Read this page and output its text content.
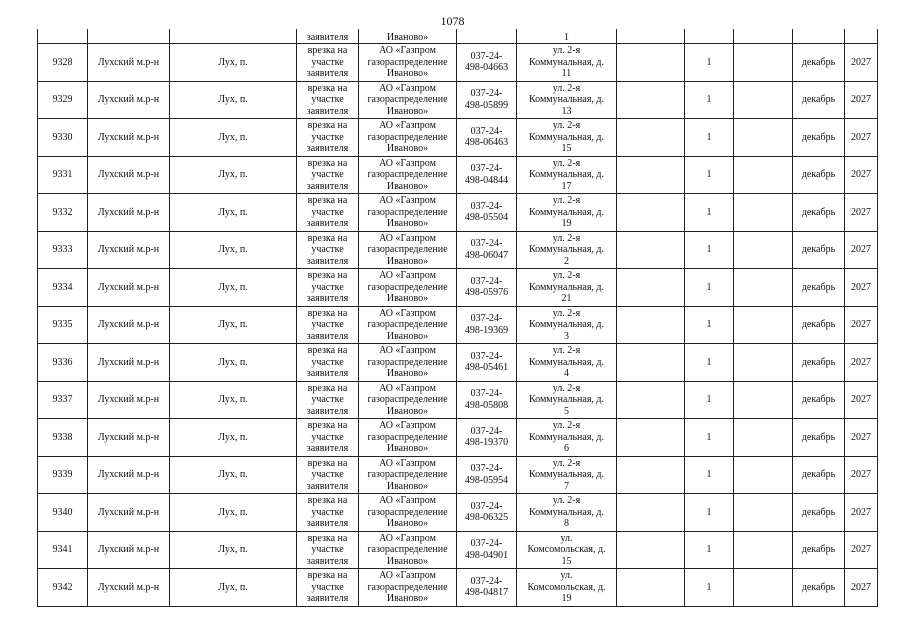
1078
			заявителя	Иваново»		1					
9328	Лухский м.р-н	Лух, п.	врезка на
участке
заявителя	АО «Газпром
газораспределение
Иваново»	037-24-
498-04663	ул. 2-я
Коммунальная, д.
11		1		декабрь	2027
9329	Лухский м.р-н	Лух, п.	врезка на
участке
заявителя	АО «Газпром
газораспределение
Иваново»	037-24-
498-05899	ул. 2-я
Коммунальная, д.
13		1		декабрь	2027
9330	Лухский м.р-н	Лух, п.	врезка на
участке
заявителя	АО «Газпром
газораспределение
Иваново»	037-24-
498-06463	ул. 2-я
Коммунальная, д.
15		1		декабрь	2027
9331	Лухский м.р-н	Лух, п.	врезка на
участке
заявителя	АО «Газпром
газораспределение
Иваново»	037-24-
498-04844	ул. 2-я
Коммунальная, д.
17		1		декабрь	2027
9332	Лухский м.р-н	Лух, п.	врезка на
участке
заявителя	АО «Газпром
газораспределение
Иваново»	037-24-
498-05504	ул. 2-я
Коммунальная, д.
19		1		декабрь	2027
9333	Лухский м.р-н	Лух, п.	врезка на
участке
заявителя	АО «Газпром
газораспределение
Иваново»	037-24-
498-06047	ул. 2-я
Коммунальная, д.
2		1		декабрь	2027
9334	Лухский м.р-н	Лух, п.	врезка на
участке
заявителя	АО «Газпром
газораспределение
Иваново»	037-24-
498-05976	ул. 2-я
Коммунальная, д.
21		1		декабрь	2027
9335	Лухский м.р-н	Лух, п.	врезка на
участке
заявителя	АО «Газпром
газораспределение
Иваново»	037-24-
498-19369	ул. 2-я
Коммунальная, д.
3		1		декабрь	2027
9336	Лухский м.р-н	Лух, п.	врезка на
участке
заявителя	АО «Газпром
газораспределение
Иваново»	037-24-
498-05461	ул. 2-я
Коммунальная, д.
4		1		декабрь	2027
9337	Лухский м.р-н	Лух, п.	врезка на
участке
заявителя	АО «Газпром
газораспределение
Иваново»	037-24-
498-05808	ул. 2-я
Коммунальная, д.
5		1		декабрь	2027
9338	Лухский м.р-н	Лух, п.	врезка на
участке
заявителя	АО «Газпром
газораспределение
Иваново»	037-24-
498-19370	ул. 2-я
Коммунальная, д.
6		1		декабрь	2027
9339	Лухский м.р-н	Лух, п.	врезка на
участке
заявителя	АО «Газпром
газораспределение
Иваново»	037-24-
498-05954	ул. 2-я
Коммунальная, д.
7		1		декабрь	2027
9340	Лухский м.р-н	Лух, п.	врезка на
участке
заявителя	АО «Газпром
газораспределение
Иваново»	037-24-
498-06325	ул. 2-я
Коммунальная, д.
8		1		декабрь	2027
9341	Лухский м.р-н	Лух, п.	врезка на
участке
заявителя	АО «Газпром
газораспределение
Иваново»	037-24-
498-04901	ул.
Комсомольская, д.
15		1		декабрь	2027
9342	Лухский м.р-н	Лух, п.	врезка на
участке
заявителя	АО «Газпром
газораспределение
Иваново»	037-24-
498-04817	ул.
Комсомольская, д.
19		1		декабрь	2027
